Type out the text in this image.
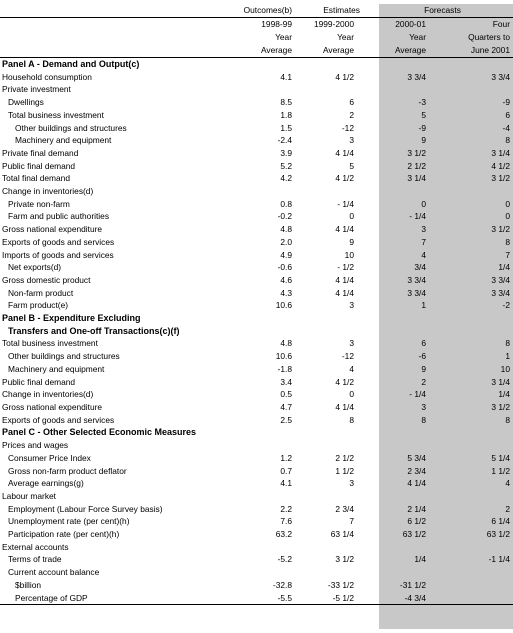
	Outcomes(b)	Estimates	Forecasts	
	1998-99	1999-2000	2000-01	Four
	Year	Year	Year	Quarters to
	Average	Average	Average	June 2001
Panel A - Demand and Output(c)				
Household consumption	4.1	4 1/2	3 3/4	3 3/4
Private investment				
Dwellings	8.5	6	-3	-9
Total business investment	1.8	2	5	6
Other buildings and structures	1.5	-12	-9	-4
Machinery and equipment	-2.4	3	9	8
Private final demand	3.9	4 1/4	3 1/2	3 1/4
Public final demand	5.2	5	2 1/2	4 1/2
Total final demand	4.2	4 1/2	3 1/4	3 1/2
Change in inventories(d)				
Private non-farm	0.8	- 1/4	0	0
Farm and public authorities	-0.2	0	- 1/4	0
Gross national expenditure	4.8	4 1/4	3	3 1/2
Exports of goods and services	2.0	9	7	8
Imports of goods and services	4.9	10	4	7
Net exports(d)	-0.6	- 1/2	3/4	1/4
Gross domestic product	4.6	4 1/4	3 3/4	3 3/4
Non-farm product	4.3	4 1/4	3 3/4	3 3/4
Farm product(e)	10.6	3	1	-2
Panel B - Expenditure Excluding				
Transfers and One-off Transactions(c)(f)				
Total business investment	4.8	3	6	8
Other buildings and structures	10.6	-12	-6	1
Machinery and equipment	-1.8	4	9	10
Public final demand	3.4	4 1/2	2	3 1/4
Change in inventories(d)	0.5	0	- 1/4	1/4
Gross national expenditure	4.7	4 1/4	3	3 1/2
Exports of goods and services	2.5	8	8	8
Panel C - Other Selected Economic Measures				
Prices and wages				
Consumer Price Index	1.2	2 1/2	5 3/4	5 1/4
Gross non-farm product deflator	0.7	1 1/2	2 3/4	1 1/2
Average earnings(g)	4.1	3	4 1/4	4
Labour market				
Employment (Labour Force Survey basis)	2.2	2 3/4	2 1/4	2
Unemployment rate (per cent)(h)	7.6	7	6 1/2	6 1/4
Participation rate (per cent)(h)	63.2	63 1/4	63 1/2	63 1/2
External accounts				
Terms of trade	-5.2	3 1/2	1/4	-1 1/4
Current account balance				
$billion	-32.8	-33 1/2	-31 1/2	
Percentage of GDP	-5.5	-5 1/2	-4 3/4	
